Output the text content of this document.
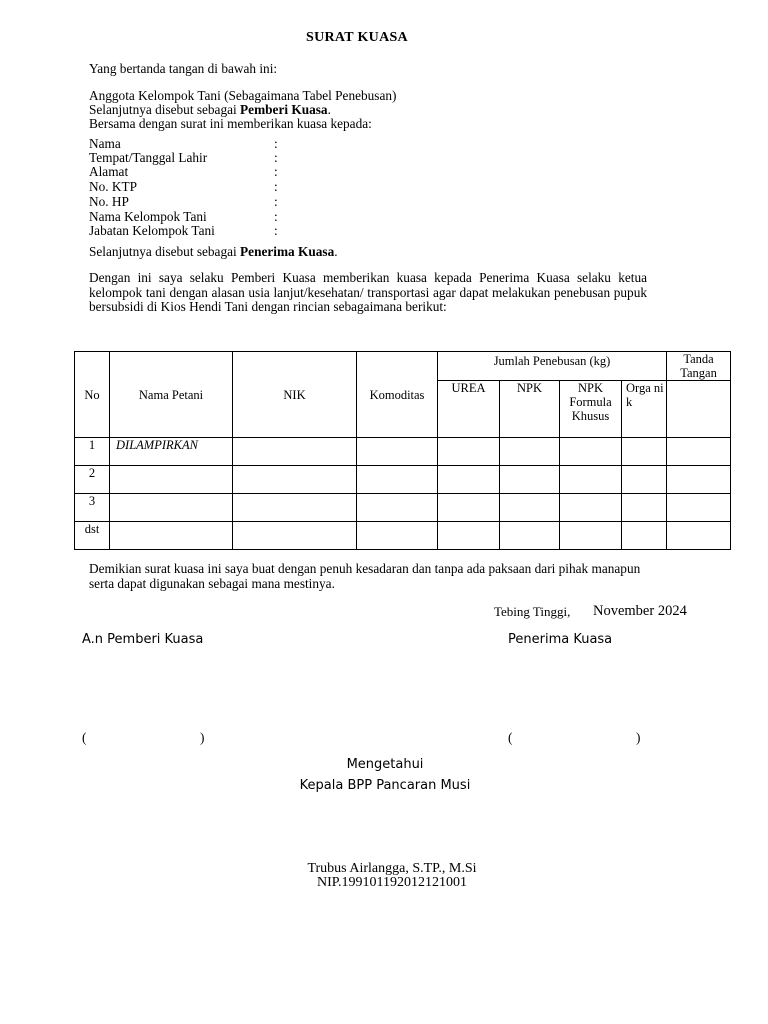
SURAT KUASA
Yang bertanda tangan di bawah ini:
Anggota Kelompok Tani (Sebagaimana Tabel Penebusan)
Selanjutnya disebut sebagai Pemberi Kuasa.
Bersama dengan surat ini memberikan kuasa kepada:
Nama	:
Tempat/Tanggal Lahir	:
Alamat	:
No. KTP	:
No. HP	:
Nama Kelompok Tani	:
Jabatan Kelompok Tani	:
Selanjutnya disebut sebagai Penerima Kuasa.
Dengan ini saya selaku Pemberi Kuasa memberikan kuasa kepada Penerima Kuasa selaku ketua kelompok tani dengan alasan usia lanjut/kesehatan/ transportasi agar dapat melakukan penebusan pupuk bersubsidi di Kios Hendi Tani dengan rincian sebagaimana berikut:
No	Nama Petani	NIK	Komoditas	Jumlah Penebusan (kg)				Tanda Tangan
				UREA	NPK	NPK Formula Khusus	Orga nik	
1	DILAMPIRKAN							
2								
3								
dst								
Demikian surat kuasa ini saya buat dengan penuh kesadaran dan tanpa ada paksaan dari pihak manapun serta dapat digunakan sebagai mana mestinya.
Tebing Tinggi, November 2024
A.n Pemberi Kuasa	Penerima Kuasa
(	)	(	)
Mengetahui
Kepala BPP Pancaran Musi
Trubus Airlangga, S.TP., M.Si
NIP.199101192012121001
